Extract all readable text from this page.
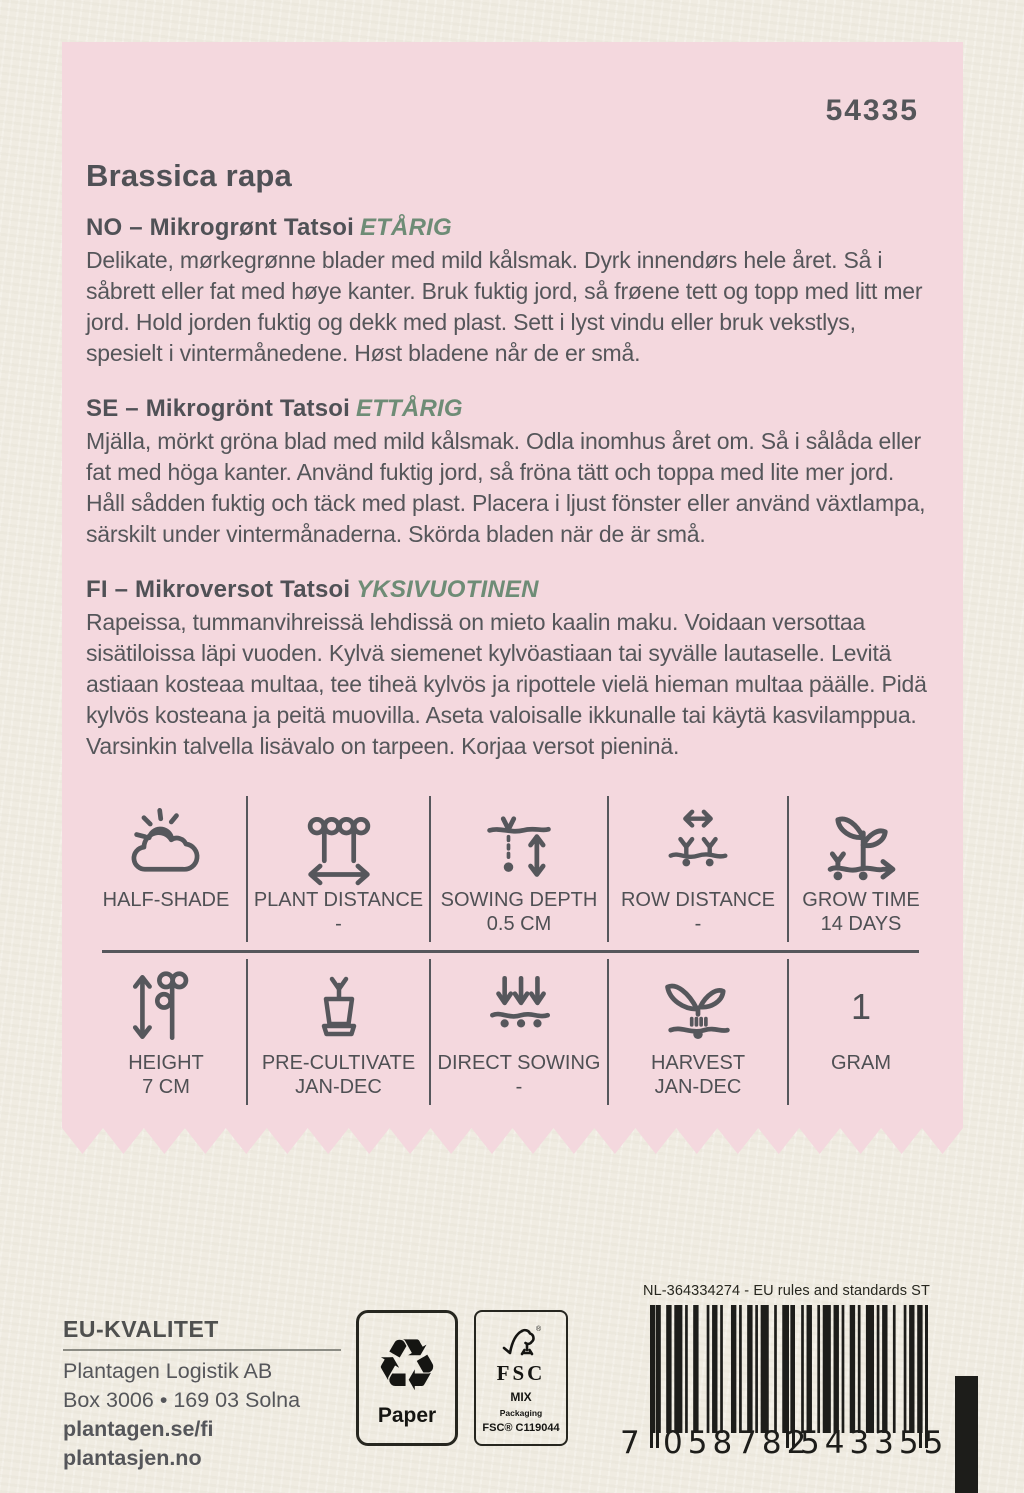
54335
Brassica rapa
NO – Mikrogrønt Tatsoi ETÅRIG

Delikate, mørkegrønne blader med mild kålsmak. Dyrk innendørs hele året. Så i såbrett eller fat med høye kanter. Bruk fuktig jord, så frøene tett og topp med litt mer jord. Hold jorden fuktig og dekk med plast. Sett i lyst vindu eller bruk vekstlys, spesielt i vintermånedene. Høst bladene når de er små.

SE – Mikrogrönt Tatsoi ETTÅRIG

Mjälla, mörkt gröna blad med mild kålsmak. Odla inomhus året om. Så i sålåda eller fat med höga kanter. Använd fuktig jord, så fröna tätt och toppa med lite mer jord. Håll sådden fuktig och täck med plast. Placera i ljust fönster eller använd växtlampa, särskilt under vintermånaderna. Skörda bladen när de är små.

FI – Mikroversot Tatsoi YKSIVUOTINEN

Rapeissa, tummanvihreissä lehdissä on mieto kaalin maku. Voidaan versottaa sisätiloissa läpi vuoden. Kylvä siemenet kylvöastiaan tai syvälle lautaselle. Levitä astiaan kosteaa multaa, tee tiheä kylvös ja ripottele vielä hieman multaa päälle. Pidä kylvös kosteana ja peitä muovilla. Aseta valoisalle ikkunalle tai käytä kasvilamppua. Varsinkin talvella lisävalo on tarpeen. Korjaa versot pieninä.

HALF-SHADE PLANT DISTANCE
-
SOWING DEPTH
0.5 CM
ROW DISTANCE
-
GROW TIME
14 DAYS
HEIGHT
7 CM
PRE-CULTIVATE
JAN-DEC
DIRECT SOWING
-
HARVEST
JAN-DEC
1
GRAM
EU-KVALITET
Plantagen Logistik AB
Box 3006 • 169 03 Solna
plantagen.se/fi
plantasjen.no
♻
Paper
®
FSC
MIX
Packaging
FSC® C119044
NL-364334274 - EU rules and standards ST
7 058782
543355
